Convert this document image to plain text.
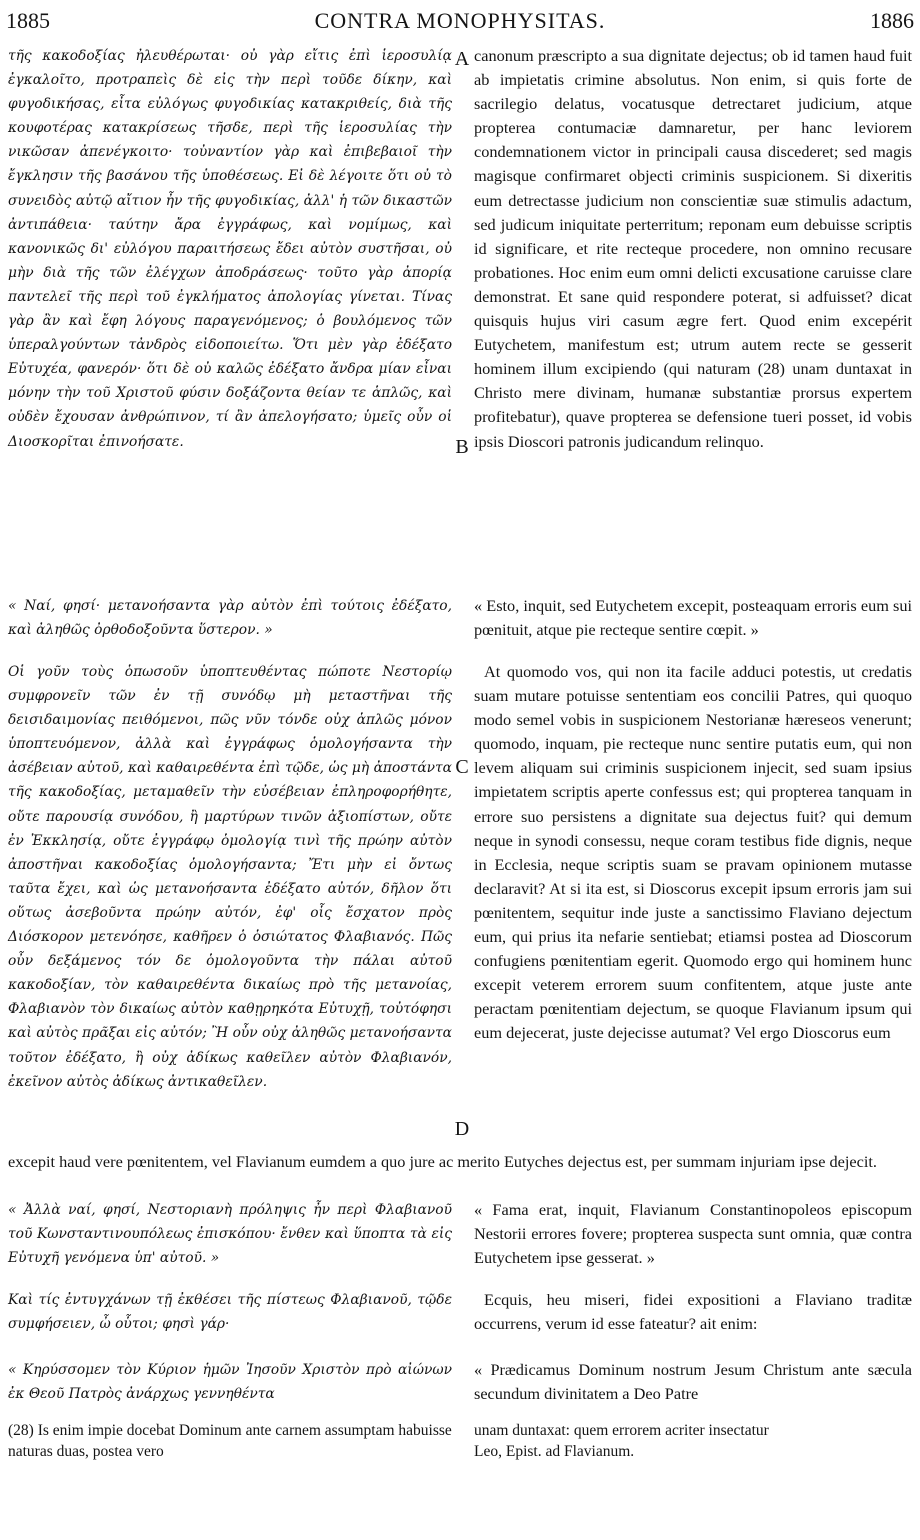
1885	CONTRA MONOPHYSITAS.	1886

τῆς κακοδοξίας ἠλευθέρωται· οὐ γὰρ εἴτις ἐπὶ ἱεροσυλίᾳ ἐγκαλοῖτο, προτραπεὶς δὲ εἰς τὴν περὶ τοῦδε δίκην, καὶ φυγοδικήσας, εἶτα εὐλόγως φυγοδικίας κατακριθείς, διὰ τῆς κουφοτέρας κατακρίσεως τῆσδε, περὶ τῆς ἱεροσυλίας τὴν νικῶσαν ἀπενέγκοιτο· τοὐναντίον γὰρ καὶ ἐπιβεβαιοῖ τὴν ἔγκλησιν τῆς βασάνου τῆς ὑποθέσεως. Εἰ δὲ λέγοιτε ὅτι οὐ τὸ συνειδὸς αὐτῷ αἴτιον ἦν τῆς φυγοδικίας, ἀλλ' ἡ τῶν δικαστῶν ἀντιπάθεια· ταύτην ἄρα ἐγγράφως, καὶ νομίμως, καὶ κανονικῶς δι' εὐλόγου παραιτήσεως ἔδει αὐτὸν συστῆσαι, οὐ μὴν διὰ τῆς τῶν ἐλέγχων ἀποδράσεως· τοῦτο γὰρ ἀπορίᾳ παντελεῖ τῆς περὶ τοῦ ἐγκλήματος ἀπολογίας γίνεται. Τίνας γὰρ ἂν καὶ ἔφη λόγους παραγενόμενος; ὁ βουλόμενος τῶν ὑπεραλγούντων τἀνδρὸς εἰδοποιείτω. Ὅτι μὲν γὰρ ἐδέξατο Εὐτυχέα, φανερόν· ὅτι δὲ οὐ καλῶς ἐδέξατο ἄνδρα μίαν εἶναι μόνην τὴν τοῦ Χριστοῦ φύσιν δοξάζοντα θείαν τε ἁπλῶς, καὶ οὐδὲν ἔχουσαν ἀνθρώπινον, τί ἂν ἀπελογήσατο; ὑμεῖς οὖν οἱ Διοσκορῖται ἐπινοήσατε.

« Ναί, φησί· μετανοήσαντα γὰρ αὐτὸν ἐπὶ τούτοις ἐδέξατο, καὶ ἀληθῶς ὀρθοδοξοῦντα ὕστερον. »

Οἱ γοῦν τοὺς ὁπωσοῦν ὑποπτευθέντας πώποτε Νεστορίῳ συμφρονεῖν τῶν ἐν τῇ συνόδῳ μὴ μεταστῆναι τῆς δεισιδαιμονίας πειθόμενοι, πῶς νῦν τόνδε οὐχ ἁπλῶς μόνον ὑποπτευόμενον, ἀλλὰ καὶ ἐγγράφως ὁμολογήσαντα τὴν ἀσέβειαν αὐτοῦ, καὶ καθαιρεθέντα ἐπὶ τῷδε, ὡς μὴ ἀποστάντα τῆς κακοδοξίας, μεταμαθεῖν τὴν εὐσέβειαν ἐπληροφορήθητε, οὔτε παρουσίᾳ συνόδου, ἢ μαρτύρων τινῶν ἀξιοπίστων, οὔτε ἐν Ἐκκλησίᾳ, οὔτε ἐγγράφῳ ὁμολογίᾳ τινὶ τῆς πρώην αὐτὸν ἀποστῆναι κακοδοξίας ὁμολογήσαντα; Ἔτι μὴν εἰ ὄντως ταῦτα ἔχει, καὶ ὡς μετανοήσαντα ἐδέξατο αὐτόν, δῆλον ὅτι οὕτως ἀσεβοῦντα πρώην αὐτόν, ἐφ' οἷς ἔσχατον πρὸς Διόσκορον μετενόησε, καθῆρεν ὁ ὁσιώτατος Φλαβιανός. Πῶς οὖν δεξάμενος τόν δε ὁμολογοῦντα τὴν πάλαι αὐτοῦ κακοδοξίαν, τὸν καθαιρεθέντα δικαίως πρὸ τῆς μετανοίας, Φλαβιανὸν τὸν δικαίως αὐτὸν καθῃρηκότα Εὐτυχῇ, τοὐτόφησι καὶ αὐτὸς πρᾶξαι εἰς αὐτόν; Ἢ οὖν οὐχ ἀληθῶς μετανοήσαντα τοῦτον ἐδέξατο, ἢ οὐχ ἀδίκως καθεῖλεν αὐτὸν Φλαβιανόν, ἐκεῖνον αὐτὸς ἀδίκως ἀντικαθεῖλεν.

« Ἀλλὰ ναί, φησί, Νεστοριανὴ πρόληψις ἦν περὶ Φλαβιανοῦ τοῦ Κωνσταντινουπόλεως ἐπισκόπου· ἔνθεν καὶ ὕποπτα τὰ εἰς Εὐτυχῆ γενόμενα ὑπ' αὐτοῦ. »

Καὶ τίς ἐντυγχάνων τῇ ἐκθέσει τῆς πίστεως Φλαβιανοῦ, τῷδε συμφήσειεν, ὦ οὗτοι; φησὶ γάρ·

« Κηρύσσομεν τὸν Κύριον ἡμῶν Ἰησοῦν Χριστὸν πρὸ αἰώνων ἐκ Θεοῦ Πατρὸς ἀνάρχως γεννηθέντα

canonum præscripto a sua dignitate dejectus; ob id tamen haud fuit ab impietatis crimine absolutus. Non enim, si quis forte de sacrilegio delatus, vocatusque detrectaret judicium, atque propterea contumaciæ damnaretur, per hanc leviorem condemnationem victor in principali causa discederet; sed magis magisque confirmaret objecti criminis suspicionem. Si dixeritis eum detrectasse judicium non conscientiæ suæ stimulis adactum, sed judicum iniquitate perterritum; reponam eum debuisse scriptis id significare, et rite recteque procedere, non omnino recusare probationes. Hoc enim eum omni delicti excusatione caruisse clare demonstrat. Et sane quid respondere poterat, si adfuisset? dicat quisquis hujus viri casum ægre fert. Quod enim excepérit Eutychetem, manifestum est; utrum autem recte se gesserit hominem illum excipiendo (qui naturam (28) unam duntaxat in Christo mere divinam, humanæ substantiæ prorsus expertem profitebatur), quave propterea se defensione tueri posset, id vobis ipsis Dioscori patronis judicandum relinquo.

« Esto, inquit, sed Eutychetem excepit, posteaquam erroris eum sui pœnituit, atque pie recteque sentire cœpit. »

At quomodo vos, qui non ita facile adduci potestis, ut credatis suam mutare potuisse sententiam eos concilii Patres, qui quoquo modo semel vobis in suspicionem Nestorianæ hæreseos venerunt; quomodo, inquam, pie recteque nunc sentire putatis eum, qui non levem aliquam sui criminis suspicionem injecit, sed suam ipsius impietatem scriptis aperte confessus est; qui propterea tanquam in errore suo persistens a dignitate sua dejectus fuit? qui demum neque in synodi consessu, neque coram testibus fide dignis, neque in Ecclesia, neque scriptis suam se pravam opinionem mutasse declaravit? At si ita est, si Dioscorus excepit ipsum erroris jam sui pœnitentem, sequitur inde juste a sanctissimo Flaviano dejectum eum, qui prius ita nefarie sentiebat; etiamsi postea ad Dioscorum confugiens pœnitentiam egerit. Quomodo ergo qui hominem hunc excepit veterem errorem suum confitentem, atque juste ante peractam pœnitentiam dejectum, se quoque Flavianum ipsum qui eum dejecerat, juste dejecisse autumat? Vel ergo Dioscorus eum

excepit haud vere pœnitentem, vel Flavianum eumdem a quo jure ac merito Eutyches dejectus est, per summam injuriam ipse dejecit.

« Fama erat, inquit, Flavianum Constantinopoleos episcopum Nestorii errores fovere; propterea suspecta sunt omnia, quæ contra Eutychetem ipse gesserat. »

Ecquis, heu miseri, fidei expositioni a Flaviano traditæ occurrens, verum id esse fateatur? ait enim:

« Prædicamus Dominum nostrum Jesum Christum ante sæcula secundum divinitatem a Deo Patre

A
B
C
D
(28) Is enim impie docebat Dominum ante carnem assumptam habuisse naturas duas, postea vero
unam duntaxat: quem errorem acriter insectatur
Leo, Epist. ad Flavianum.
